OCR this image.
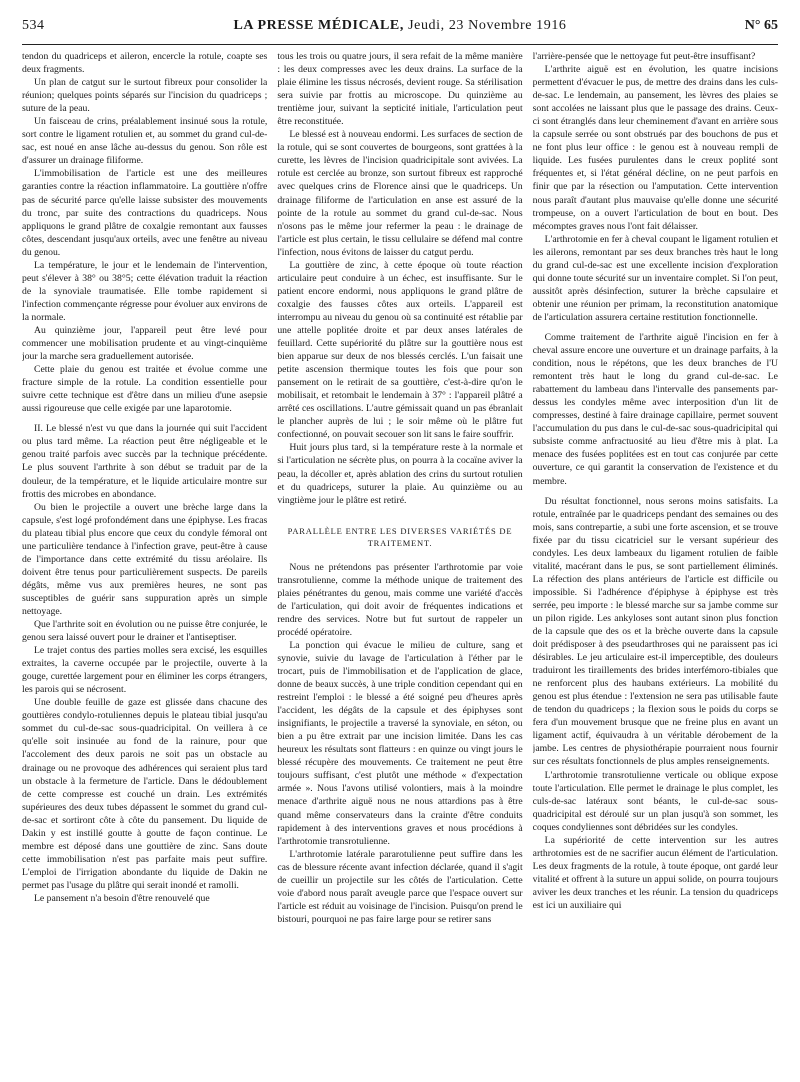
534	LA PRESSE MÉDICALE, Jeudi, 23 Novembre 1916	N° 65

tendon du quadriceps et aileron, encercle la rotule, coapte ses deux fragments.

Un plan de catgut sur le surtout fibreux pour consolider la réunion; quelques points séparés sur l'incision du quadriceps ; suture de la peau.

Un faisceau de crins, préalablement insinué sous la rotule, sort contre le ligament rotulien et, au sommet du grand cul-de-sac, est noué en anse lâche au-dessus du genou. Son rôle est d'assurer un drainage filiforme.

L'immobilisation de l'article est une des meilleures garanties contre la réaction inflammatoire. La gouttière n'offre pas de sécurité parce qu'elle laisse subsister des mouvements du tronc, par suite des contractions du quadriceps. Nous appliquons le grand plâtre de coxalgie remontant aux fausses côtes, descendant jusqu'aux orteils, avec une fenêtre au niveau du genou.

La température, le jour et le lendemain de l'intervention, peut s'élever à 38° ou 38°5; cette élévation traduit la réaction de la synoviale traumatisée. Elle tombe rapidement si l'infection commençante régresse pour évoluer aux environs de la normale.

Au quinzième jour, l'appareil peut être levé pour commencer une mobilisation prudente et au vingt-cinquième jour la marche sera graduellement autorisée.

Cette plaie du genou est traitée et évolue comme une fracture simple de la rotule. La condition essentielle pour suivre cette technique est d'être dans un milieu d'une asepsie aussi rigoureuse que celle exigée par une laparotomie.

II. Le blessé n'est vu que dans la journée qui suit l'accident ou plus tard même. La réaction peut être négligeable et le genou traité parfois avec succès par la technique précédente. Le plus souvent l'arthrite à son début se traduit par de la douleur, de la température, et le liquide articulaire montre sur frottis des microbes en abondance.

Ou bien le projectile a ouvert une brèche large dans la capsule, s'est logé profondément dans une épiphyse. Les fracas du plateau tibial plus encore que ceux du condyle fémoral ont une particulière tendance à l'infection grave, peut-être à cause de l'importance dans cette extrémité du tissu aréolaire. Ils doivent être tenus pour particulièrement suspects. De pareils dégâts, même vus aux premières heures, ne sont pas susceptibles de guérir sans suppuration après un simple nettoyage.

Que l'arthrite soit en évolution ou ne puisse être conjurée, le genou sera laissé ouvert pour le drainer et l'antiseptiser.

Le trajet contus des parties molles sera excisé, les esquilles extraites, la caverne occupée par le projectile, ouverte à la gouge, curettée largement pour en éliminer les corps étrangers, les parois qui se nécrosent.

Une double feuille de gaze est glissée dans chacune des gouttières condylo-rotuliennes depuis le plateau tibial jusqu'au sommet du cul-de-sac sous-quadricipital. On veillera à ce qu'elle soit insinuée au fond de la rainure, pour que l'accolement des deux parois ne soit pas un obstacle au drainage ou ne provoque des adhérences qui seraient plus tard un obstacle à la fermeture de l'article. Dans le dédoublement de cette compresse est couché un drain. Les extrémités supérieures des deux tubes dépassent le sommet du grand cul-de-sac et sortiront côte à côte du pansement. Du liquide de Dakin y est instillé goutte à goutte de façon continue. Le membre est déposé dans une gouttière de zinc. Sans doute cette immobilisation n'est pas parfaite mais peut suffire. L'emploi de l'irrigation abondante du liquide de Dakin ne permet pas l'usage du plâtre qui serait inondé et ramolli.

Le pansement n'a besoin d'être renouvelé que

tous les trois ou quatre jours, il sera refait de la même manière : les deux compresses avec les deux drains. La surface de la plaie élimine les tissus nécrosés, devient rouge. Sa stérilisation sera suivie par frottis au microscope. Du quinzième au trentième jour, suivant la septicité initiale, l'articulation peut être reconstituée.

Le blessé est à nouveau endormi. Les surfaces de section de la rotule, qui se sont couvertes de bourgeons, sont grattées à la curette, les lèvres de l'incision quadricipitale sont avivées. La rotule est cerclée au bronze, son surtout fibreux est rapproché avec quelques crins de Florence ainsi que le quadriceps. Un drainage filiforme de l'articulation en anse est assuré de la pointe de la rotule au sommet du grand cul-de-sac. Nous n'osons pas le même jour refermer la peau : le drainage de l'article est plus certain, le tissu cellulaire se défend mal contre l'infection, nous évitons de laisser du catgut perdu.

La gouttière de zinc, à cette époque où toute réaction articulaire peut conduire à un échec, est insuffisante. Sur le patient encore endormi, nous appliquons le grand plâtre de coxalgie des fausses côtes aux orteils. L'appareil est interrompu au niveau du genou où sa continuité est rétablie par une attelle poplitée droite et par deux anses latérales de feuillard. Cette supériorité du plâtre sur la gouttière nous est bien apparue sur deux de nos blessés cerclés. L'un faisait une petite ascension thermique toutes les fois que pour son pansement on le retirait de sa gouttière, c'est-à-dire qu'on le mobilisait, et retombait le lendemain à 37° : l'appareil plâtré a arrêté ces oscillations. L'autre gémissait quand un pas ébranlait le plancher auprès de lui ; le soir même où le plâtre fut confectionné, on pouvait secouer son lit sans le faire souffrir.

Huit jours plus tard, si la température reste à la normale et si l'articulation ne sécrète plus, on pourra à la cocaïne aviver la peau, la décoller et, après ablation des crins du surtout rotulien et du quadriceps, suturer la plaie. Au quinzième ou au vingtième jour le plâtre est retiré.

PARALLÈLE ENTRE LES DIVERSES VARIÉTÉS DE TRAITEMENT.

Nous ne prétendons pas présenter l'arthrotomie par voie transrotulienne, comme la méthode unique de traitement des plaies pénétrantes du genou, mais comme une variété d'accès de l'articulation, qui doit avoir de fréquentes indications et rendre des services. Notre but fut surtout de rappeler un procédé opératoire.

La ponction qui évacue le milieu de culture, sang et synovie, suivie du lavage de l'articulation à l'éther par le trocart, puis de l'immobilisation et de l'application de glace, donne de beaux succès, à une triple condition cependant qui en restreint l'emploi : le blessé a été soigné peu d'heures après l'accident, les dégâts de la capsule et des épiphyses sont insignifiants, le projectile a traversé la synoviale, en séton, ou bien a pu être extrait par une incision limitée. Dans les cas heureux les résultats sont flatteurs : en quinze ou vingt jours le blessé récupère des mouvements. Ce traitement ne peut être toujours suffisant, c'est plutôt une méthode « d'expectation armée ». Nous l'avons utilisé volontiers, mais à la moindre menace d'arthrite aiguë nous ne nous attardions pas à être quand même conservateurs dans la crainte d'être conduits rapidement à des interventions graves et nous procédions à l'arthrotomie transrotulienne.

L'arthrotomie latérale pararotulienne peut suffire dans les cas de blessure récente avant infection déclarée, quand il s'agit de cueillir un projectile sur les côtés de l'articulation. Cette voie d'abord nous paraît aveugle parce que l'espace ouvert sur l'article est réduit au voisinage de l'incision. Puisqu'on prend le bistouri, pourquoi ne pas faire large pour se retirer sans

l'arrière-pensée que le nettoyage fut peut-être insuffisant?

L'arthrite aiguë est en évolution, les quatre incisions permettent d'évacuer le pus, de mettre des drains dans les culs-de-sac. Le lendemain, au pansement, les lèvres des plaies se sont accolées ne laissant plus que le passage des drains. Ceux-ci sont étranglés dans leur cheminement d'avant en arrière sous la capsule serrée ou sont obstrués par des bouchons de pus et ne font plus leur office : le genou est à nouveau rempli de liquide. Les fusées purulentes dans le creux poplité sont fréquentes et, si l'état général décline, on ne peut parfois en finir que par la résection ou l'amputation. Cette intervention nous paraît d'autant plus mauvaise qu'elle donne une sécurité trompeuse, on a ouvert l'articulation de bout en bout. Des mécomptes graves nous l'ont fait délaisser.

L'arthrotomie en fer à cheval coupant le ligament rotulien et les ailerons, remontant par ses deux branches très haut le long du grand cul-de-sac est une excellente incision d'exploration qui donne toute sécurité sur un inventaire complet. Si l'on peut, aussitôt après désinfection, suturer la brèche capsulaire et obtenir une réunion per primam, la reconstitution anatomique de l'articulation assurera certaine restitution fonctionnelle.

Comme traitement de l'arthrite aiguë l'incision en fer à cheval assure encore une ouverture et un drainage parfaits, à la condition, nous le répétons, que les deux branches de l'U remontent très haut le long du grand cul-de-sac. Le rabattement du lambeau dans l'intervalle des pansements par-dessus les condyles même avec interposition d'un lit de compresses, destiné à faire drainage capillaire, permet souvent l'accumulation du pus dans le cul-de-sac sous-quadricipital qui subsiste comme anfractuosité au lieu d'être mis à plat. La menace des fusées poplitées est en tout cas conjurée par cette ouverture, ce qui garantit la conservation de l'existence et du membre.

Du résultat fonctionnel, nous serons moins satisfaits. La rotule, entraînée par le quadriceps pendant des semaines ou des mois, sans contrepartie, a subi une forte ascension, et se trouve fixée par du tissu cicatriciel sur le versant supérieur des condyles. Les deux lambeaux du ligament rotulien de faible vitalité, macérant dans le pus, se sont partiellement éliminés. La réfection des plans antérieurs de l'article est difficile ou impossible. Si l'adhérence d'épiphyse à épiphyse est très serrée, peu importe : le blessé marche sur sa jambe comme sur un pilon rigide. Les ankyloses sont autant sinon plus fonction de la capsule que des os et la brèche ouverte dans la capsule doit prédisposer à des pseudarthroses qui ne paraissent pas ici désirables. Le jeu articulaire est-il imperceptible, des douleurs traduiront les tiraillements des brides interfémoro-tibiales que ne renforcent plus des haubans extérieurs. La mobilité du genou est plus étendue : l'extension ne sera pas utilisable faute de tendon du quadriceps ; la flexion sous le poids du corps se fera d'un mouvement brusque que ne freine plus en avant un ligament actif, équivaudra à un véritable dérobement de la jambe. Les centres de physiothérapie pourraient nous fournir sur ces résultats fonctionnels de plus amples renseignements.

L'arthrotomie transrotulienne verticale ou oblique expose toute l'articulation. Elle permet le drainage le plus complet, les culs-de-sac latéraux sont béants, le cul-de-sac sous-quadricipital est déroulé sur un plan jusqu'à son sommet, les coques condyliennes sont débridées sur les condyles.

La supériorité de cette intervention sur les autres arthrotomies est de ne sacrifier aucun élément de l'articulation. Les deux fragments de la rotule, à toute époque, ont gardé leur vitalité et offrent à la suture un appui solide, on pourra toujours aviver les deux tranches et les réunir. La tension du quadriceps est ici un auxiliaire qui
